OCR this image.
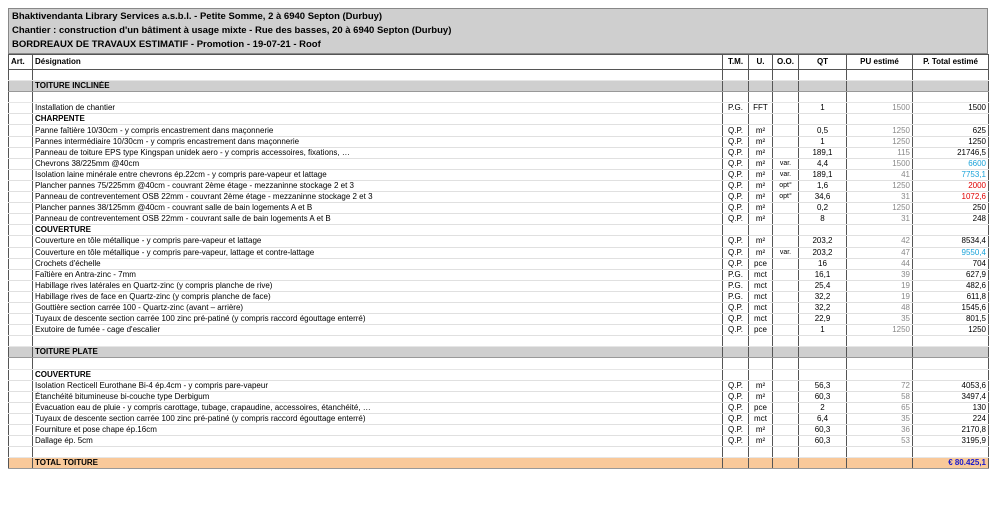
Bhaktivendanta Library Services a.s.b.l. - Petite Somme, 2 à 6940 Septon (Durbuy)
Chantier : construction d'un bâtiment à usage mixte - Rue des basses, 20 à 6940 Septon (Durbuy)
BORDREAUX DE TRAVAUX ESTIMATIF - Promotion - 19-07-21 - Roof
Art.	Désignation	T.M.	U.	O.O.	QT	PU estimé	P. Total estimé

	TOITURE INCLINÉE						

	Installation de chantier	P.G.	FFT		1	1500	1500
	CHARPENTE						
	Panne faîtière 10/30cm - y compris encastrement dans maçonnerie	Q.P.	m²		0,5	1250	625
	Pannes intermédiaire 10/30cm - y compris encastrement dans maçonnerie	Q.P.	m²		1	1250	1250
	Panneau de toiture EPS type Kingspan unidek aero - y compris accessoires, fixations, …	Q.P.	m²		189,1	115	21746,5
	Chevrons 38/225mm @40cm	Q.P.	m²	var.	4,4	1500	6600
	Isolation laine minérale entre chevrons ép.22cm - y compris pare-vapeur et lattage	Q.P.	m²	var.	189,1	41	7753,1
	Plancher pannes 75/225mm @40cm - couvrant 2ème étage - mezzaninne stockage 2 et 3	Q.P.	m²	opt°	1,6	1250	2000
	Panneau de contreventement OSB 22mm - couvrant 2ème étage - mezzaninne stockage 2 et 3	Q.P.	m²	opt°	34,6	31	1072,6
	Plancher pannes 38/125mm @40cm - couvrant salle de bain logements A et B	Q.P.	m²		0,2	1250	250
	Panneau de contreventement OSB 22mm - couvrant salle de bain logements A et B	Q.P.	m²		8	31	248
	COUVERTURE						
	Couverture en tôle métallique - y compris pare-vapeur et lattage	Q.P.	m²		203,2	42	8534,4
	Couverture en tôle métallique - y compris pare-vapeur, lattage et contre-lattage	Q.P.	m²	var.	203,2	47	9550,4
	Crochets d'échelle	Q.P.	pce		16	44	704
	Faîtière en Antra-zinc - 7mm	P.G.	mct		16,1	39	627,9
	Habillage rives latérales en Quartz-zinc (y compris planche de rive)	P.G.	mct		25,4	19	482,6
	Habillage rives de face en Quartz-zinc (y compris planche de face)	P.G.	mct		32,2	19	611,8
	Gouttière section carrée 100 - Quartz-zinc (avant – arrière)	Q.P.	mct		32,2	48	1545,6
	Tuyaux de descente section carrée 100 zinc pré-patiné (y compris raccord égouttage enterré)	Q.P.	mct		22,9	35	801,5
	Exutoire de fumée - cage d'escalier	Q.P.	pce		1	1250	1250

	TOITURE PLATE						

	COUVERTURE						
	Isolation Recticell Eurothane Bi-4 ép.4cm - y compris pare-vapeur	Q.P.	m²		56,3	72	4053,6
	Étanchéité bitumineuse bi-couche type Derbigum	Q.P.	m²		60,3	58	3497,4
	Évacuation eau de pluie - y compris carottage, tubage, crapaudine, accessoires, étanchéité, …	Q.P.	pce		2	65	130
	Tuyaux de descente section carrée 100 zinc pré-patiné (y compris raccord égouttage enterré)	Q.P.	mct		6,4	35	224
	Fourniture et pose chape ép.16cm	Q.P.	m²		60,3	36	2170,8
	Dallage ép. 5cm	Q.P.	m²		60,3	53	3195,9

	TOTAL TOITURE						€ 80.425,1
